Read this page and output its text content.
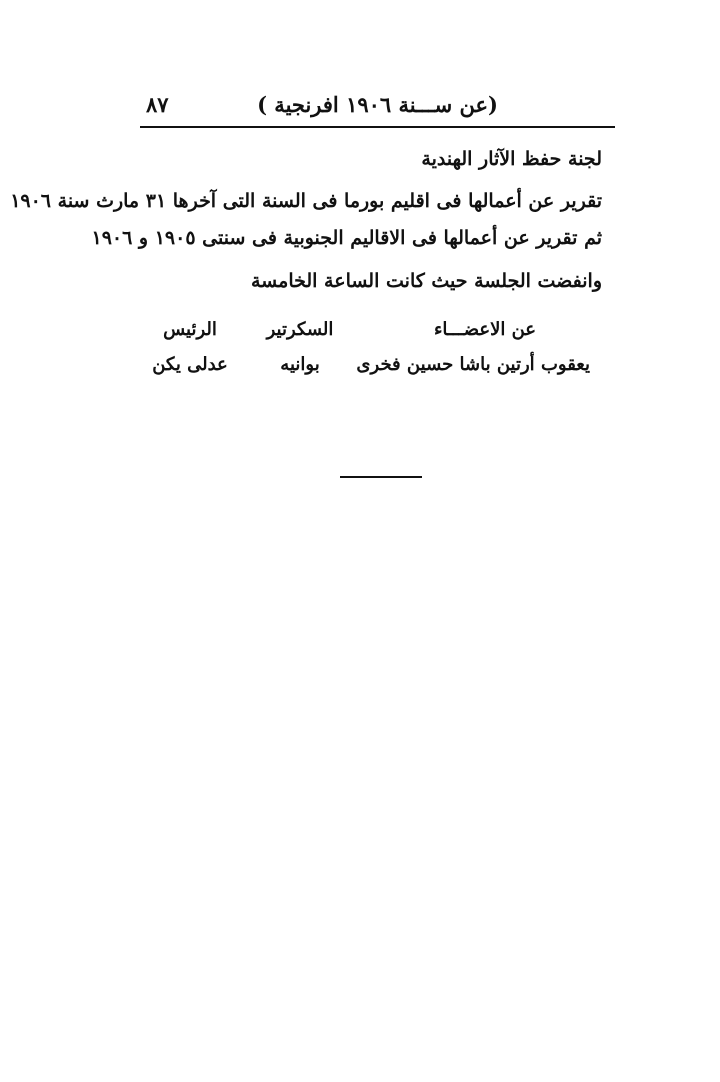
(عن ســـنة ١٩٠٦ افرنجية )
٨٧
لجنة حفظ الآثار الهندية
تقرير عن أعمالها فى اقليم بورما فى السنة التى آخرها ٣١ مارث سنة ١٩٠٦
ثم تقرير عن أعمالها فى الاقاليم الجنوبية فى سنتى ١٩٠٥ و ١٩٠٦
وانفضت الجلسة حيث كانت الساعة الخامسة
عن الاعضـــاء
السكرتير
الرئيس
يعقوب أرتين باشا حسين فخرى
بوانيه
عدلى يكن
